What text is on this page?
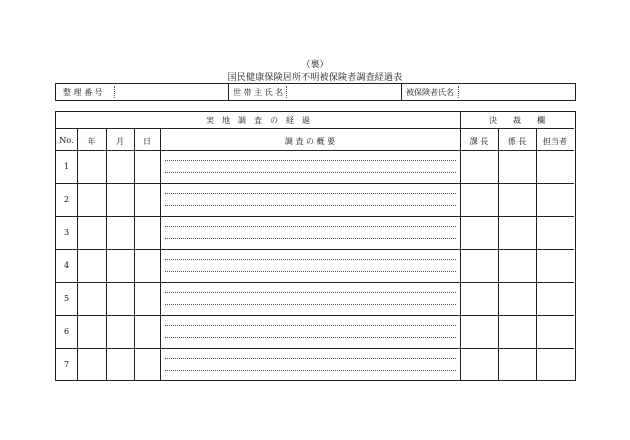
（裏）
国民健康保険居所不明被保険者調査経過表
整 理 番 号	世 帯 主 氏 名	被保険者氏名
実　地　調　査　の　経　過	決　　裁　　欄
No.	年	月	日	調 査 の 概 要	課 長	係 長	担当者
1
2
3
4
5
6
7
